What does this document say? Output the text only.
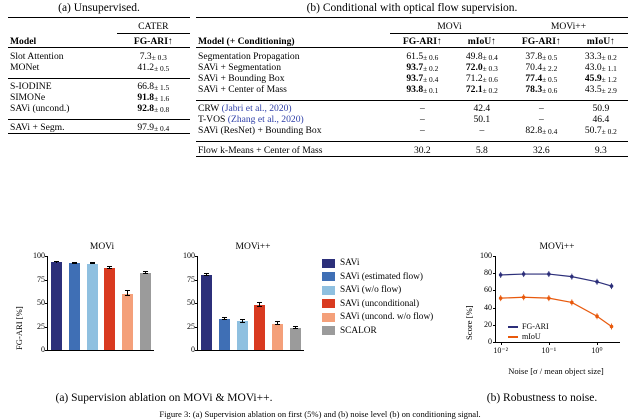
(a) Unsupervised.

	CATER
Model	FG-ARI↑

Slot Attention	7.3± 0.3
MONet	41.2± 0.5

S-IODINE	66.8± 1.5
SIMONe	91.8± 1.6
SAVi (uncond.)	92.8± 0.8

SAVi + Segm.	97.9± 0.4

(b) Conditional with optical flow supervision.

	MOVi		MOVi++	
Model (+ Conditioning)	FG-ARI↑	mIoU↑	FG-ARI↑	mIoU↑

Segmentation Propagation	61.5± 0.6	49.8± 0.4	37.8± 0.5	33.3± 0.2
SAVi + Segmentation	93.7± 0.2	72.0± 0.3	70.4± 2.2	43.0± 1.1
SAVi + Bounding Box	93.7± 0.4	71.2± 0.6	77.4± 0.5	45.9± 1.2
SAVi + Center of Mass	93.8± 0.1	72.1± 0.2	78.3± 0.6	43.5± 2.9

CRW (Jabri et al., 2020)	–	42.4	–	50.9
T-VOS (Zhang et al., 2020)	–	50.1	–	46.4
SAVi (ResNet) + Bounding Box	–	–	82.8± 0.4	50.7± 0.2

Flow k-Means + Center of Mass	30.2	5.8	32.6	9.3

MOVi
FG-ARI [%]	0
25
50
75
100
MOVi++
0
25
50
75
100
SAVi
SAVi (estimated flow)
SAVi (w/o flow)
SAVi (unconditional)
SAVi (uncond. w/o flow)
SCALOR
MOVi++
Score [%]
Noise [σ / mean object size]
0
20
40
60
80
100
10⁻²	10⁻¹	10⁰
FG-ARI
mIoU
(a) Supervision ablation on MOVi & MOVi++.	(b) Robustness to noise.
Figure 3: (a) Supervision ablation on first (5%) and (b) noise level (b) on conditioning signal.
